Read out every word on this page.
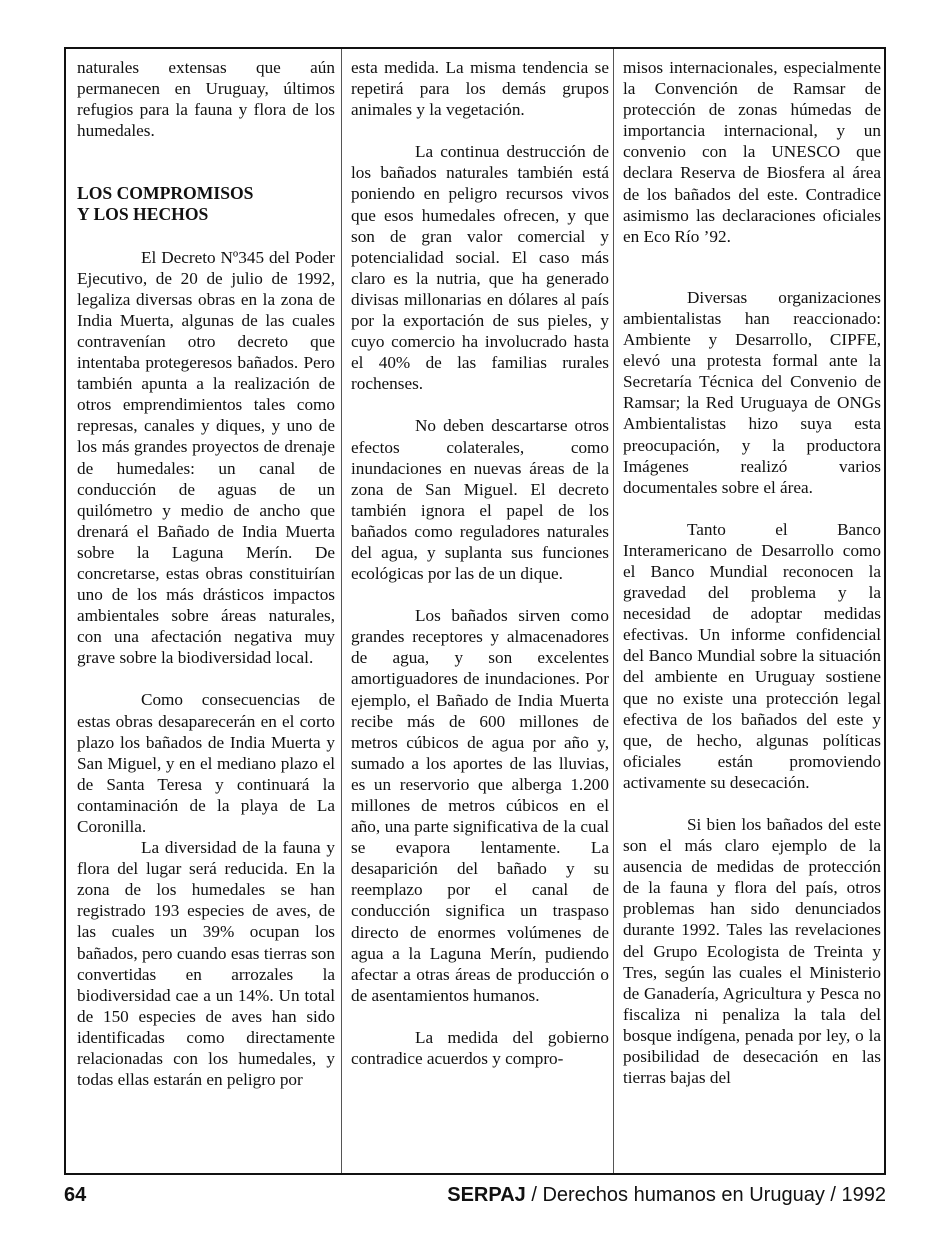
naturales extensas que aún permanecen en Uruguay, últimos refugios para la fauna y flora de los humedales.

LOS COMPROMISOS
Y LOS HECHOS

El Decreto Nº345 del Poder Ejecutivo, de 20 de julio de 1992, legaliza diversas obras en la zona de India Muerta, algunas de las cuales contravenían otro decreto que intentaba protegeresos bañados. Pero también apunta a la realización de otros emprendimientos tales como represas, canales y diques, y uno de los más grandes proyectos de drenaje de humedales: un canal de conducción de aguas de un quilómetro y medio de ancho que drenará el Bañado de India Muerta sobre la Laguna Merín. De concretarse, estas obras constituirían uno de los más drásticos impactos ambientales sobre áreas naturales, con una afectación negativa muy grave sobre la biodiversidad local.

Como consecuencias de estas obras desaparecerán en el corto plazo los bañados de India Muerta y San Miguel, y en el mediano plazo el de Santa Teresa y continuará la contaminación de la playa de La Coronilla.

La diversidad de la fauna y flora del lugar será reducida. En la zona de los humedales se han registrado 193 especies de aves, de las cuales un 39% ocupan los bañados, pero cuando esas tierras son convertidas en arrozales la biodiversidad cae a un 14%. Un total de 150 especies de aves han sido identificadas como directamente relacionadas con los humedales, y todas ellas estarán en peligro por

esta medida. La misma tendencia se repetirá para los demás grupos animales y la vegetación.

La continua destrucción de los bañados naturales también está poniendo en peligro recursos vivos que esos humedales ofrecen, y que son de gran valor comercial y potencialidad social. El caso más claro es la nutria, que ha generado divisas millonarias en dólares al país por la exportación de sus pieles, y cuyo comercio ha involucrado hasta el 40% de las familias rurales rochenses.

No deben descartarse otros efectos colaterales, como inundaciones en nuevas áreas de la zona de San Miguel. El decreto también ignora el papel de los bañados como reguladores naturales del agua, y suplanta sus funciones ecológicas por las de un dique.

Los bañados sirven como grandes receptores y almacenadores de agua, y son excelentes amortiguadores de inundaciones. Por ejemplo, el Bañado de India Muerta recibe más de 600 millones de metros cúbicos de agua por año y, sumado a los aportes de las lluvias, es un reservorio que alberga 1.200 millones de metros cúbicos en el año, una parte significativa de la cual se evapora lentamente. La desaparición del bañado y su reemplazo por el canal de conducción significa un traspaso directo de enormes volúmenes de agua a la Laguna Merín, pudiendo afectar a otras áreas de producción o de asentamientos humanos.

La medida del gobierno contradice acuerdos y compro-

misos internacionales, especialmente la Convención de Ramsar de protección de zonas húmedas de importancia internacional, y un convenio con la UNESCO que declara Reserva de Biosfera al área de los bañados del este. Contradice asimismo las declaraciones oficiales en Eco Río ’92.

Diversas organizaciones ambientalistas han reaccionado: Ambiente y Desarrollo, CIPFE, elevó una protesta formal ante la Secretaría Técnica del Convenio de Ramsar; la Red Uruguaya de ONGs Ambientalistas hizo suya esta preocupación, y la productora Imágenes realizó varios documentales sobre el área.

Tanto el Banco Interamericano de Desarrollo como el Banco Mundial reconocen la gravedad del problema y la necesidad de adoptar medidas efectivas. Un informe confidencial del Banco Mundial sobre la situación del ambiente en Uruguay sostiene que no existe una protección legal efectiva de los bañados del este y que, de hecho, algunas políticas oficiales están promoviendo activamente su desecación.

Si bien los bañados del este son el más claro ejemplo de la ausencia de medidas de protección de la fauna y flora del país, otros problemas han sido denunciados durante 1992. Tales las revelaciones del Grupo Ecologista de Treinta y Tres, según las cuales el Ministerio de Ganadería, Agricultura y Pesca no fiscaliza ni penaliza la tala del bosque indígena, penada por ley, o la posibilidad de desecación en las tierras bajas del

64	SERPAJ / Derechos humanos en Uruguay / 1992
